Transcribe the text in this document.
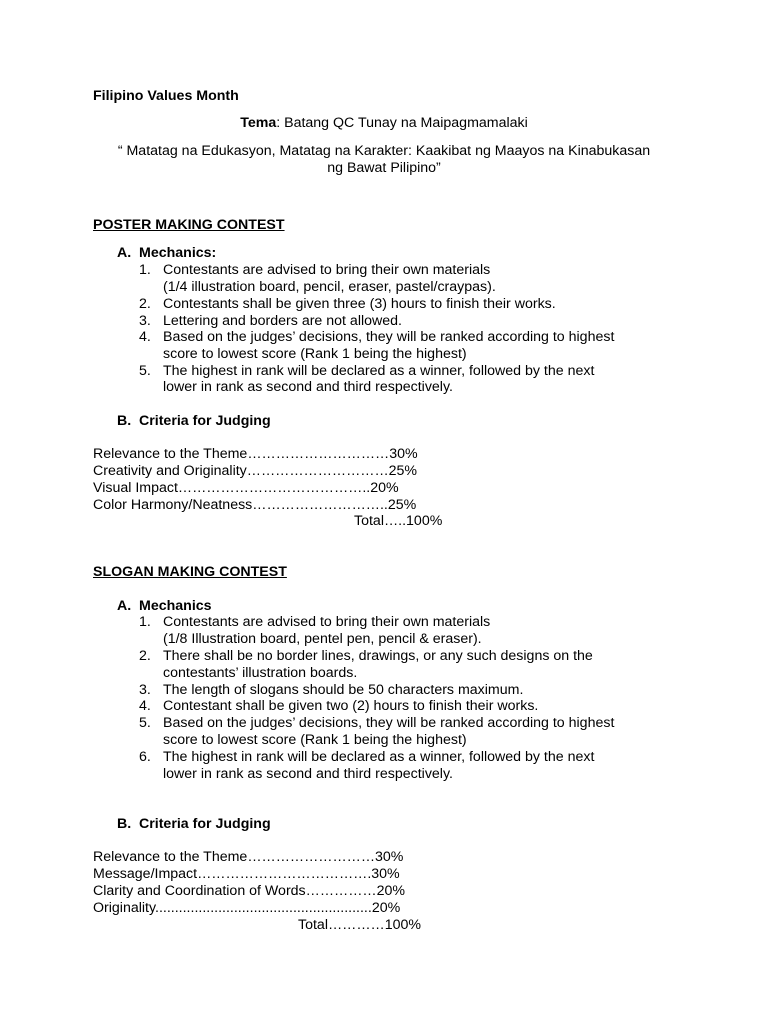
Filipino Values Month
Tema: Batang QC Tunay na Maipagmamalaki
“ Matatag na Edukasyon, Matatag na Karakter: Kaakibat ng Maayos na Kinabukasan
ng Bawat Pilipino”
POSTER MAKING CONTEST
A. Mechanics:
1. Contestants are advised to bring their own materials
(1/4 illustration board, pencil, eraser, pastel/craypas).
2. Contestants shall be given three (3) hours to finish their works.
3. Lettering and borders are not allowed.
4. Based on the judges’ decisions, they will be ranked according to highest
score to lowest score (Rank 1 being the highest)
5. The highest in rank will be declared as a winner, followed by the next
lower in rank as second and third respectively.
B. Criteria for Judging
Relevance to the Theme…………………………30%
Creativity and Originality…………………………25%
Visual Impact…………………………………..20%
Color Harmony/Neatness………………………..25%
Total…..100%
SLOGAN MAKING CONTEST
A. Mechanics
1. Contestants are advised to bring their own materials
(1/8 Illustration board, pentel pen, pencil & eraser).
2. There shall be no border lines, drawings, or any such designs on the
contestants’ illustration boards.
3. The length of slogans should be 50 characters maximum.
4. Contestant shall be given two (2) hours to finish their works.
5. Based on the judges’ decisions, they will be ranked according to highest
score to lowest score (Rank 1 being the highest)
6. The highest in rank will be declared as a winner, followed by the next
lower in rank as second and third respectively.
B. Criteria for Judging
Relevance to the Theme………………………30%
Message/Impact……………………………….30%
Clarity and Coordination of Words……………20%
Originality.......................................................20%
Total…………100%
